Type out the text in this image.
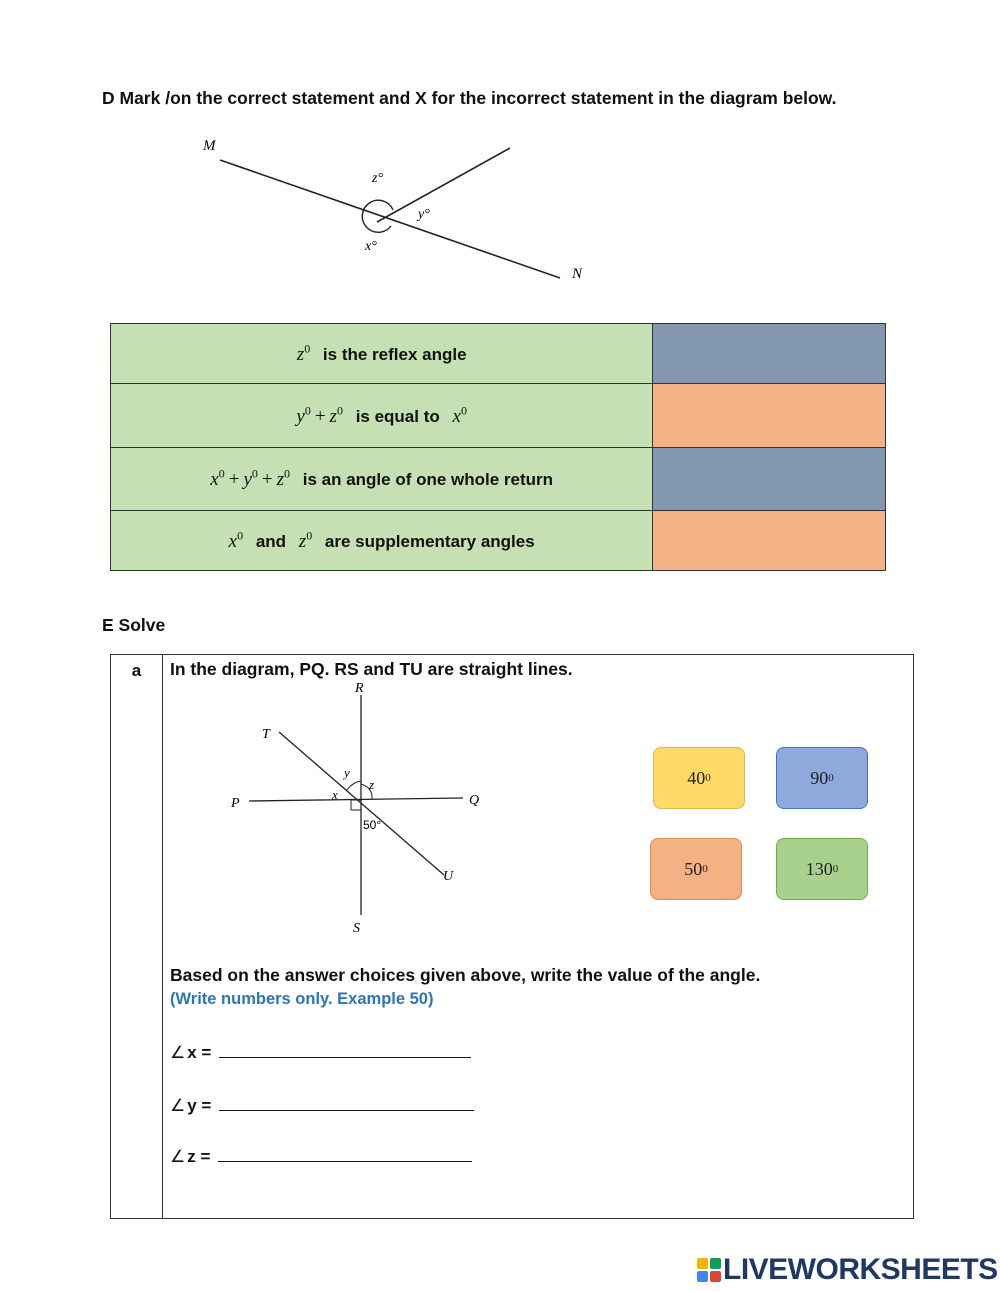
D Mark /on the correct statement and X for the incorrect statement in the diagram below.
M
N
z°
y°
x°
$z^0$ is the reflex angle	
$y^0 + z^0$ is equal to $x^0$	
$x^0 + y^0 + z^0$ is an angle of one whole return	
$x^0$ and $z^0$ are supplementary angles	
E Solve
a	In the diagram, PQ. RS and TU are straight lines.
R
S
T
U
P	Q
x
y
z
50°
40 0	90 0
50 0	130 0
Based on the answer choices given above, write the value of the angle.
(Write numbers only. Example 50)
∠ x =
∠ y =
∠ z =
LIVEWORKSHEETS
